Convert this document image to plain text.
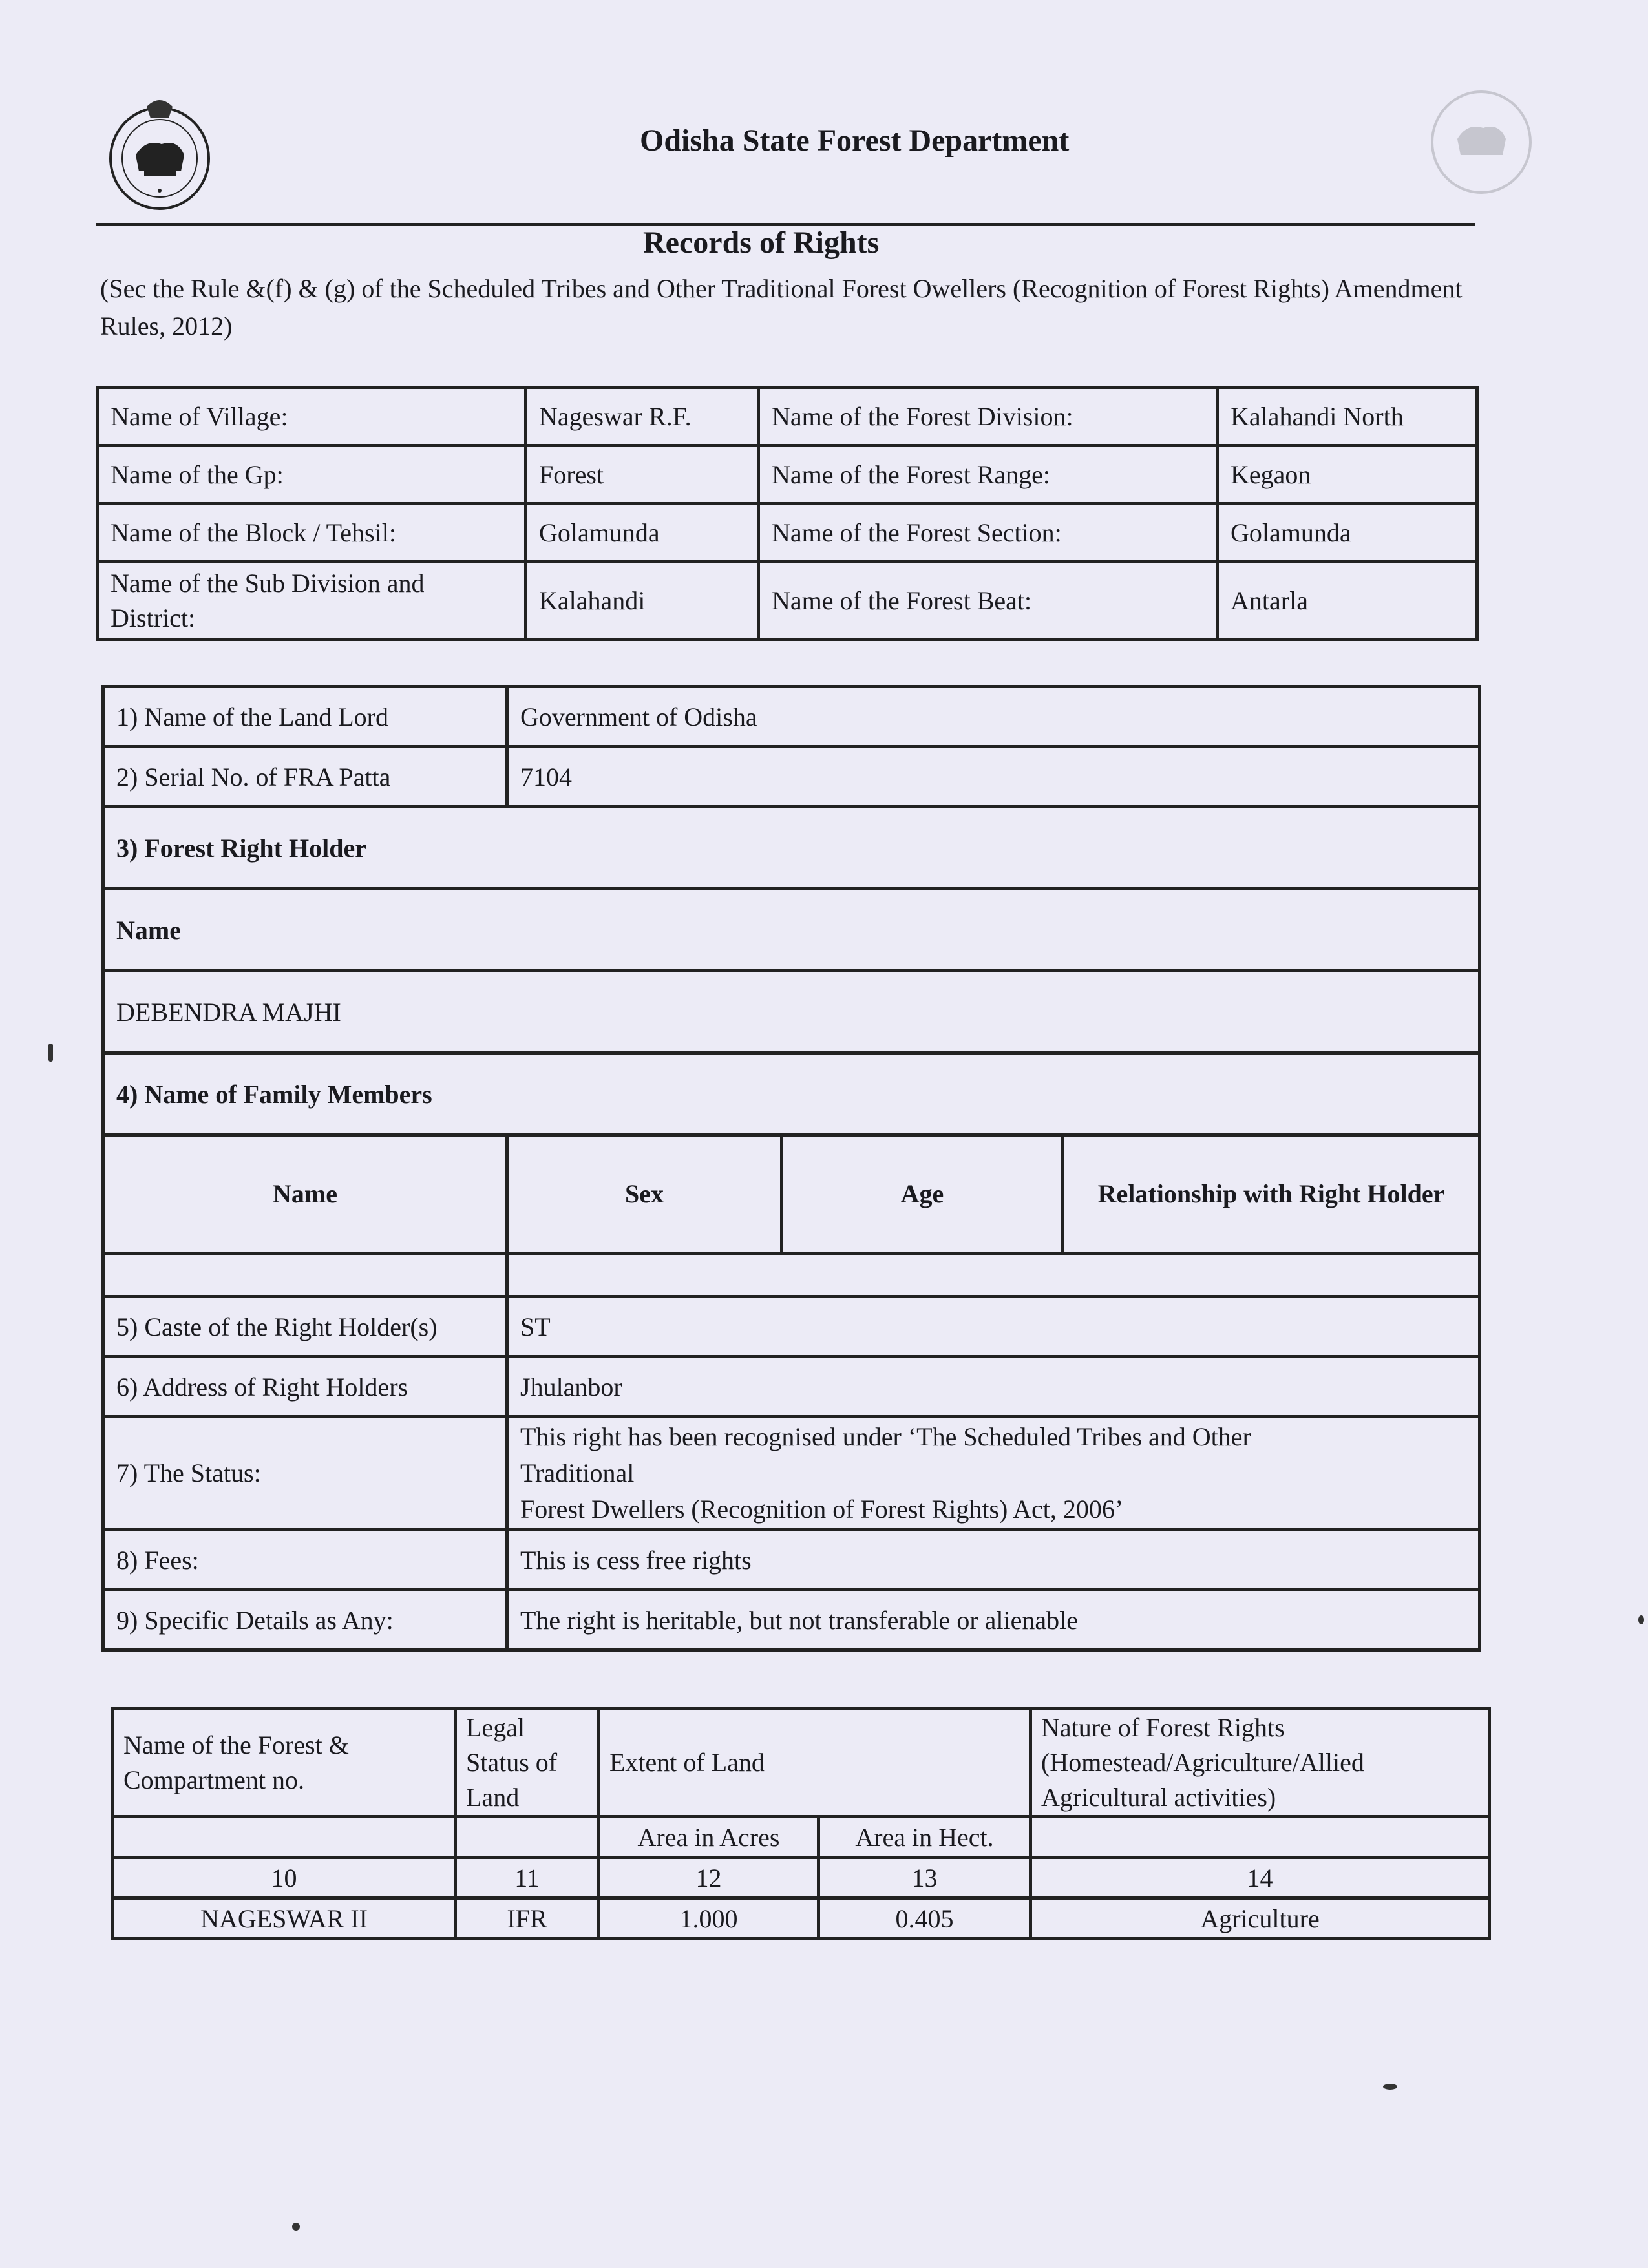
Odisha State Forest Department
Records of Rights
(Sec the Rule &(f) & (g) of the Scheduled Tribes and Other Traditional Forest Owellers (Recognition of Forest Rights) Amendment Rules, 2012)
Name of Village:	Nageswar R.F.	Name of the Forest Division:	Kalahandi North
Name of the Gp:	Forest	Name of the Forest Range:	Kegaon
Name of the Block / Tehsil:	Golamunda	Name of the Forest Section:	Golamunda
Name of the Sub Division and District:	Kalahandi	Name of the Forest Beat:	Antarla
1) Name of the Land Lord	Government of Odisha		
2) Serial No. of FRA Patta	7104		
3) Forest Right Holder			
Name			
DEBENDRA MAJHI			
4) Name of Family Members			
Name	Sex	Age	Relationship with Right Holder

5) Caste of the Right Holder(s)	ST		
6) Address of Right Holders	Jhulanbor		
7) The Status:	This right has been recognised under ‘The Scheduled Tribes and Other
Traditional
Forest Dwellers (Recognition of Forest Rights) Act, 2006’		

8) Fees:	This is cess free rights		
9) Specific Details as Any:	The right is heritable, but not transferable or alienable		
Name of the Forest & Compartment no.	Legal Status of Land	Extent of Land		Nature of Forest Rights (Homestead/Agriculture/Allied Agricultural activities)
		Area in Acres	Area in Hect.	
10	11	12	13	14
NAGESWAR II	IFR	1.000	0.405	Agriculture
